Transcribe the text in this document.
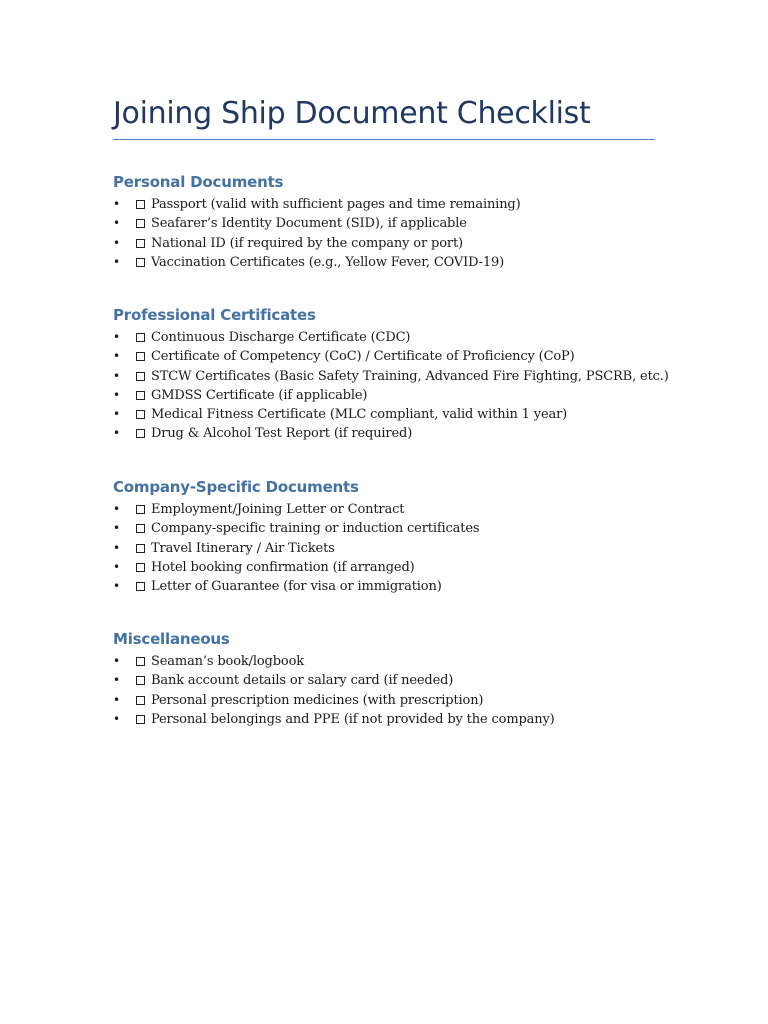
Joining Ship Document Checklist
Personal Documents
• Passport (valid with sufficient pages and time remaining)
• Seafarer’s Identity Document (SID), if applicable
• National ID (if required by the company or port)
• Vaccination Certificates (e.g., Yellow Fever, COVID-19)
Professional Certificates
• Continuous Discharge Certificate (CDC)
• Certificate of Competency (CoC) / Certificate of Proficiency (CoP)
• STCW Certificates (Basic Safety Training, Advanced Fire Fighting, PSCRB, etc.)
• GMDSS Certificate (if applicable)
• Medical Fitness Certificate (MLC compliant, valid within 1 year)
• Drug & Alcohol Test Report (if required)
Company-Specific Documents
• Employment/Joining Letter or Contract
• Company-specific training or induction certificates
• Travel Itinerary / Air Tickets
• Hotel booking confirmation (if arranged)
• Letter of Guarantee (for visa or immigration)
Miscellaneous
• Seaman’s book/logbook
• Bank account details or salary card (if needed)
• Personal prescription medicines (with prescription)
• Personal belongings and PPE (if not provided by the company)
